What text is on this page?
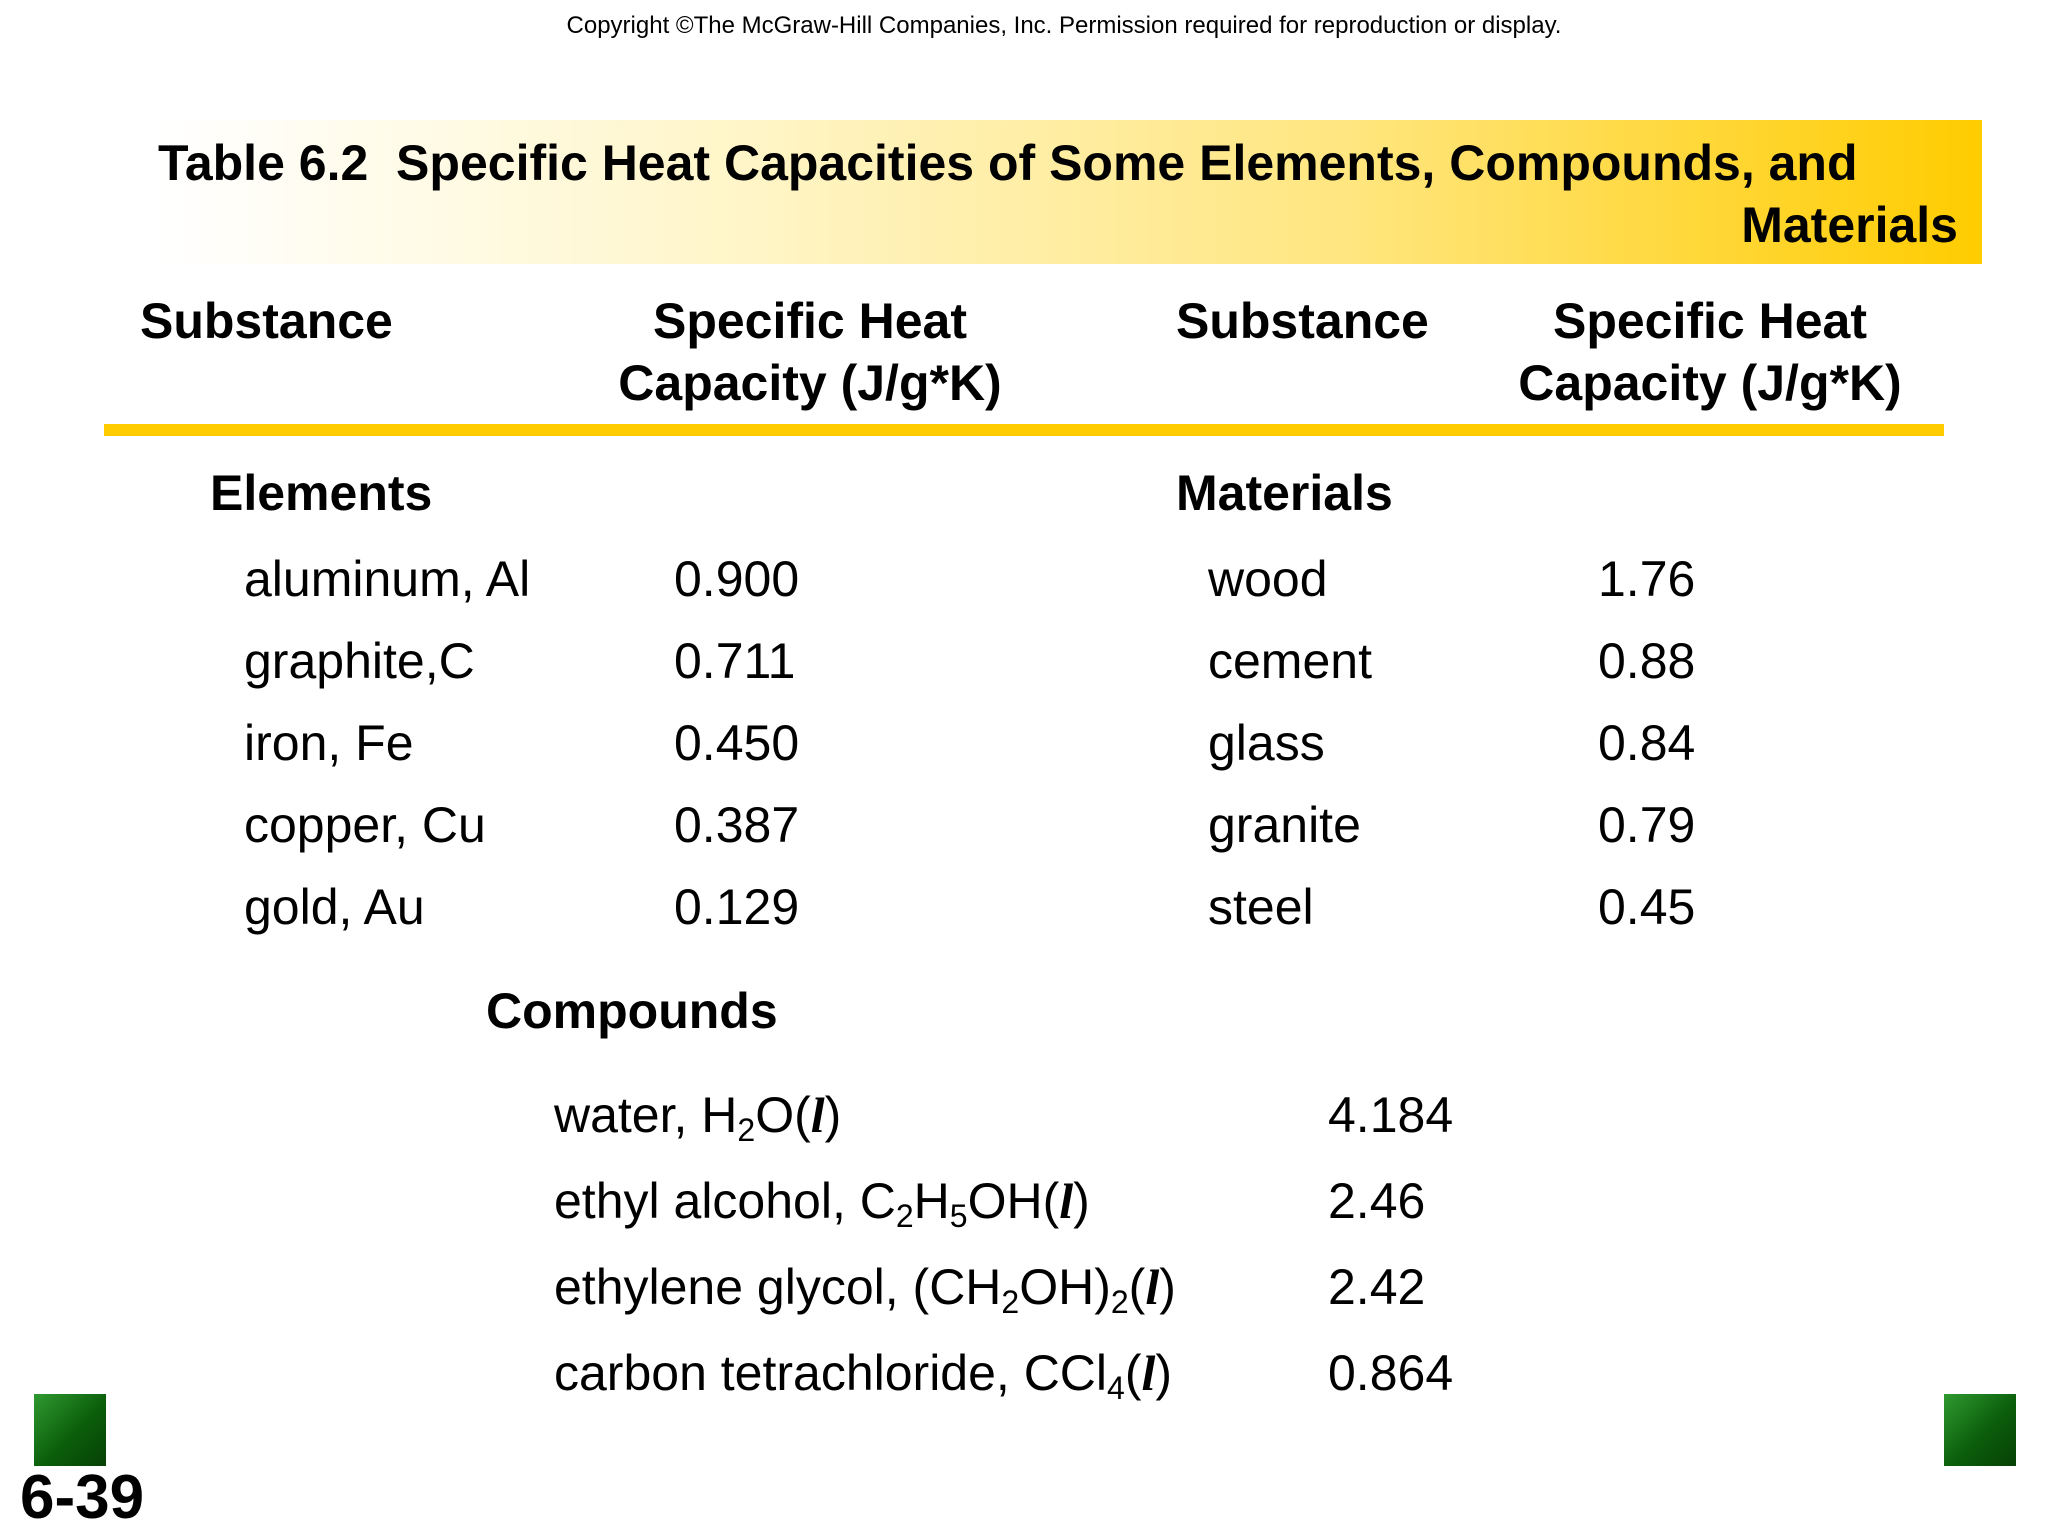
Copyright ©The McGraw-Hill Companies, Inc. Permission required for reproduction or display.
Table 6.2  Specific Heat Capacities of Some Elements, Compounds, and
Materials
Substance	Specific Heat
Capacity (J/g*K)
Substance	Specific Heat
Capacity (J/g*K)
Elements
aluminum, Al	0.900
graphite,C	0.711
iron, Fe	0.450
copper, Cu	0.387
gold, Au	0.129
Materials
wood	1.76
cement	0.88
glass	0.84
granite	0.79
steel	0.45
Compounds
water, $H_2O(l)$	4.184
ethyl alcohol, $C_2H_5OH(l)$	2.46
ethylene glycol, $(CH_2OH)_2(l)$	2.42
carbon tetrachloride, CCl$_4$(l)	0.864
6-39
